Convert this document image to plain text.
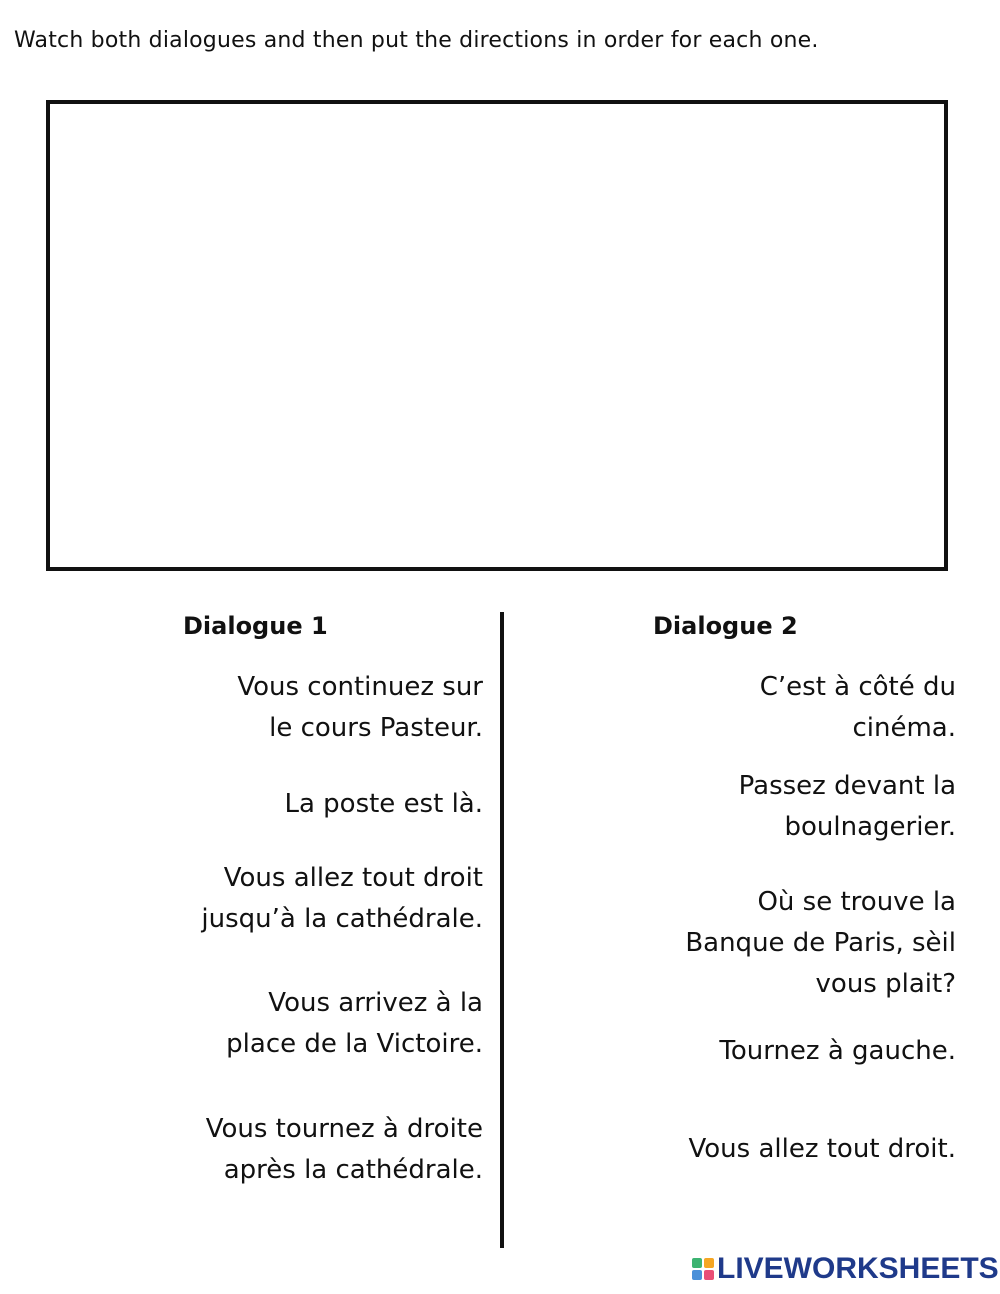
Watch both dialogues and then put the directions in order for each one.
Dialogue 1	Dialogue 2
Vous continuez sur
le cours Pasteur.
La poste est là.
Vous allez tout droit
jusqu’à la cathédrale.
Vous arrivez à la
place de la Victoire.
Vous tournez à droite
après la cathédrale.
C’est à côté du
cinéma.
Passez devant la
boulnagerier.
Où se trouve la
Banque de Paris, sèil
vous plait?
Tournez à gauche.
Vous allez tout droit.
LIVEWORKSHEETS
